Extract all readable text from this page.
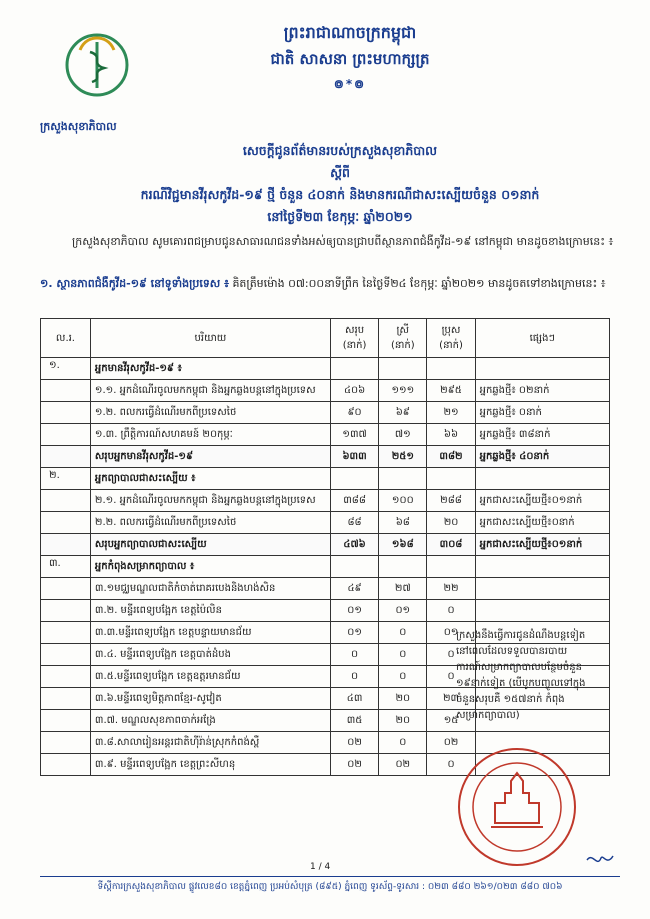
ក្រសួងសុខាភិបាល
ព្រះរាជាណាចក្រកម្ពុជា
ជាតិ សាសនា ព្រះមហាក្សត្រ
៙*៙
សេចក្តីជូនព័ត៌មានរបស់ក្រសួងសុខាភិបាល
ស្តីពី
ករណីវិជ្ជមានវីរុសកូវីដ-១៩ ថ្មី ចំនួន ៤០នាក់ និងមានករណីជាសះស្បើយចំនួន ០១នាក់
នៅថ្ងៃទី២៣ ខែកុម្ភៈ ឆ្នាំ២០២១

ក្រសួងសុខាភិបាល សូមគោរពជម្រាបជូនសាធារណជនទាំងអស់ឲ្យបានជ្រាបពីស្ថានភាពជំងឺកូវីដ-១៩ នៅកម្ពុជា មានដូចខាងក្រោមនេះ ៖

១. ស្ថានភាពជំងឺកូវីដ-១៩ នៅទូទាំងប្រទេស ៖ គិតត្រឹមម៉ោង ០៧:០០នាទីព្រឹក នៃថ្ងៃទី២៤ ខែកុម្ភៈ ឆ្នាំ២០២១ មានដូចតទៅខាងក្រោមនេះ ៖
ល.រ.	បរិយាយ	សរុប (នាក់)	ស្រី (នាក់)	ប្រុស (នាក់)	ផ្សេងៗ
១.	អ្នកមានវីរុសកូវីដ-១៩ ៖				
	១.១. អ្នកដំណើរចូលមកកម្ពុជា និងអ្នកឆ្លងបន្តនៅក្នុងប្រទេស	៤០៦	១១១	២៩៥	អ្នកឆ្លងថ្មី៖ ០២នាក់
	១.២. ពលករធ្វើដំណើរមកពីប្រទេសថៃ	៩០	៦៩	២១	អ្នកឆ្លងថ្មី៖ ០នាក់
	១.៣. ព្រឹត្តិការណ៍សហគមន៍ ២០កុម្ភៈ	១៣៧	៧១	៦៦	អ្នកឆ្លងថ្មី៖ ៣៨នាក់
	សរុបអ្នកមានវីរុសកូវីដ-១៩	៦៣៣	២៥១	៣៨២	អ្នកឆ្លងថ្មី៖ ៤០នាក់
២.	អ្នកព្យាបាលជាសះស្បើយ ៖				
	២.១. អ្នកដំណើរចូលមកកម្ពុជា និងអ្នកឆ្លងបន្តនៅក្នុងប្រទេស	៣៨៨	១០០	២៨៨	អ្នកជាសះស្បើយថ្មី៖០១នាក់
	២.២. ពលករធ្វើដំណើរមកពីប្រទេសថៃ	៨៨	៦៨	២០	អ្នកជាសះស្បើយថ្មី៖០នាក់
	សរុបអ្នកព្យាបាលជាសះស្បើយ	៤៧៦	១៦៨	៣០៨	អ្នកជាសះស្បើយថ្មី៖០១នាក់
៣.	អ្នកកំពុងសម្រាកព្យាបាល ៖				
	៣.១មជ្ឈមណ្ឌលជាតិកំចាត់រោគរបេងនិងហង់សិន	៤៩	២៧	២២	
	៣.២. មន្ទីរពេទ្យបង្អែក ខេត្តប៉ៃលិន	០១	០១	០	
	៣.៣.មន្ទីរពេទ្យបង្អែក ខេត្តបន្ទាយមានជ័យ	០១	០	០១	
	៣.៤. មន្ទីរពេទ្យបង្អែក ខេត្តបាត់ដំបង	០	០	០	
	៣.៥.មន្ទីរពេទ្យបង្អែក ខេត្តឧត្តរមានជ័យ	០	០	០	
	៣.៦.មន្ទីរពេទ្យមិត្តភាពខ្មែរ-សូវៀត	៤៣	២០	២៣	
	៣.៧. មណ្ឌលសុខភាពចាក់អង្រែ	៣៥	២០	១៥	
	៣.៨.សាលារៀនអន្តរជាតិហ៊ីរ៉ាន់ស្រុកកំពង់ស្ពឺ	០២	០	០២	
	៣.៩. មន្ទីរពេទ្យបង្អែក ខេត្តព្រះសីហនុ	០២	០២	០	
ក្រសួងនឹងធ្វើការជូនដំណឹងបន្តទៀតនៅពេលដែលទទួលបានរបាយការណ៍សម្រាកព្យាបាលបន្ថែមចំនួន ១៩នាក់ទៀត (បើបូកបញ្ចូលទៅក្នុងចំនួនសរុបគឺ ១៥៧នាក់ កំពុងសម្រាកព្យាបាល)
1 / 4
ទីស្តីការក្រសួងសុខាភិបាល ផ្លូវលេខ៨០ ខេត្តភ្នំពេញ ប្រអប់សំបុត្រ (៨៩៥) ភ្នំពេញ ទូរស័ព្ទ-ទូរសារ : ០២៣ ៨៨០ ២៦១/០២៣ ៨៨០ ៧០៦
